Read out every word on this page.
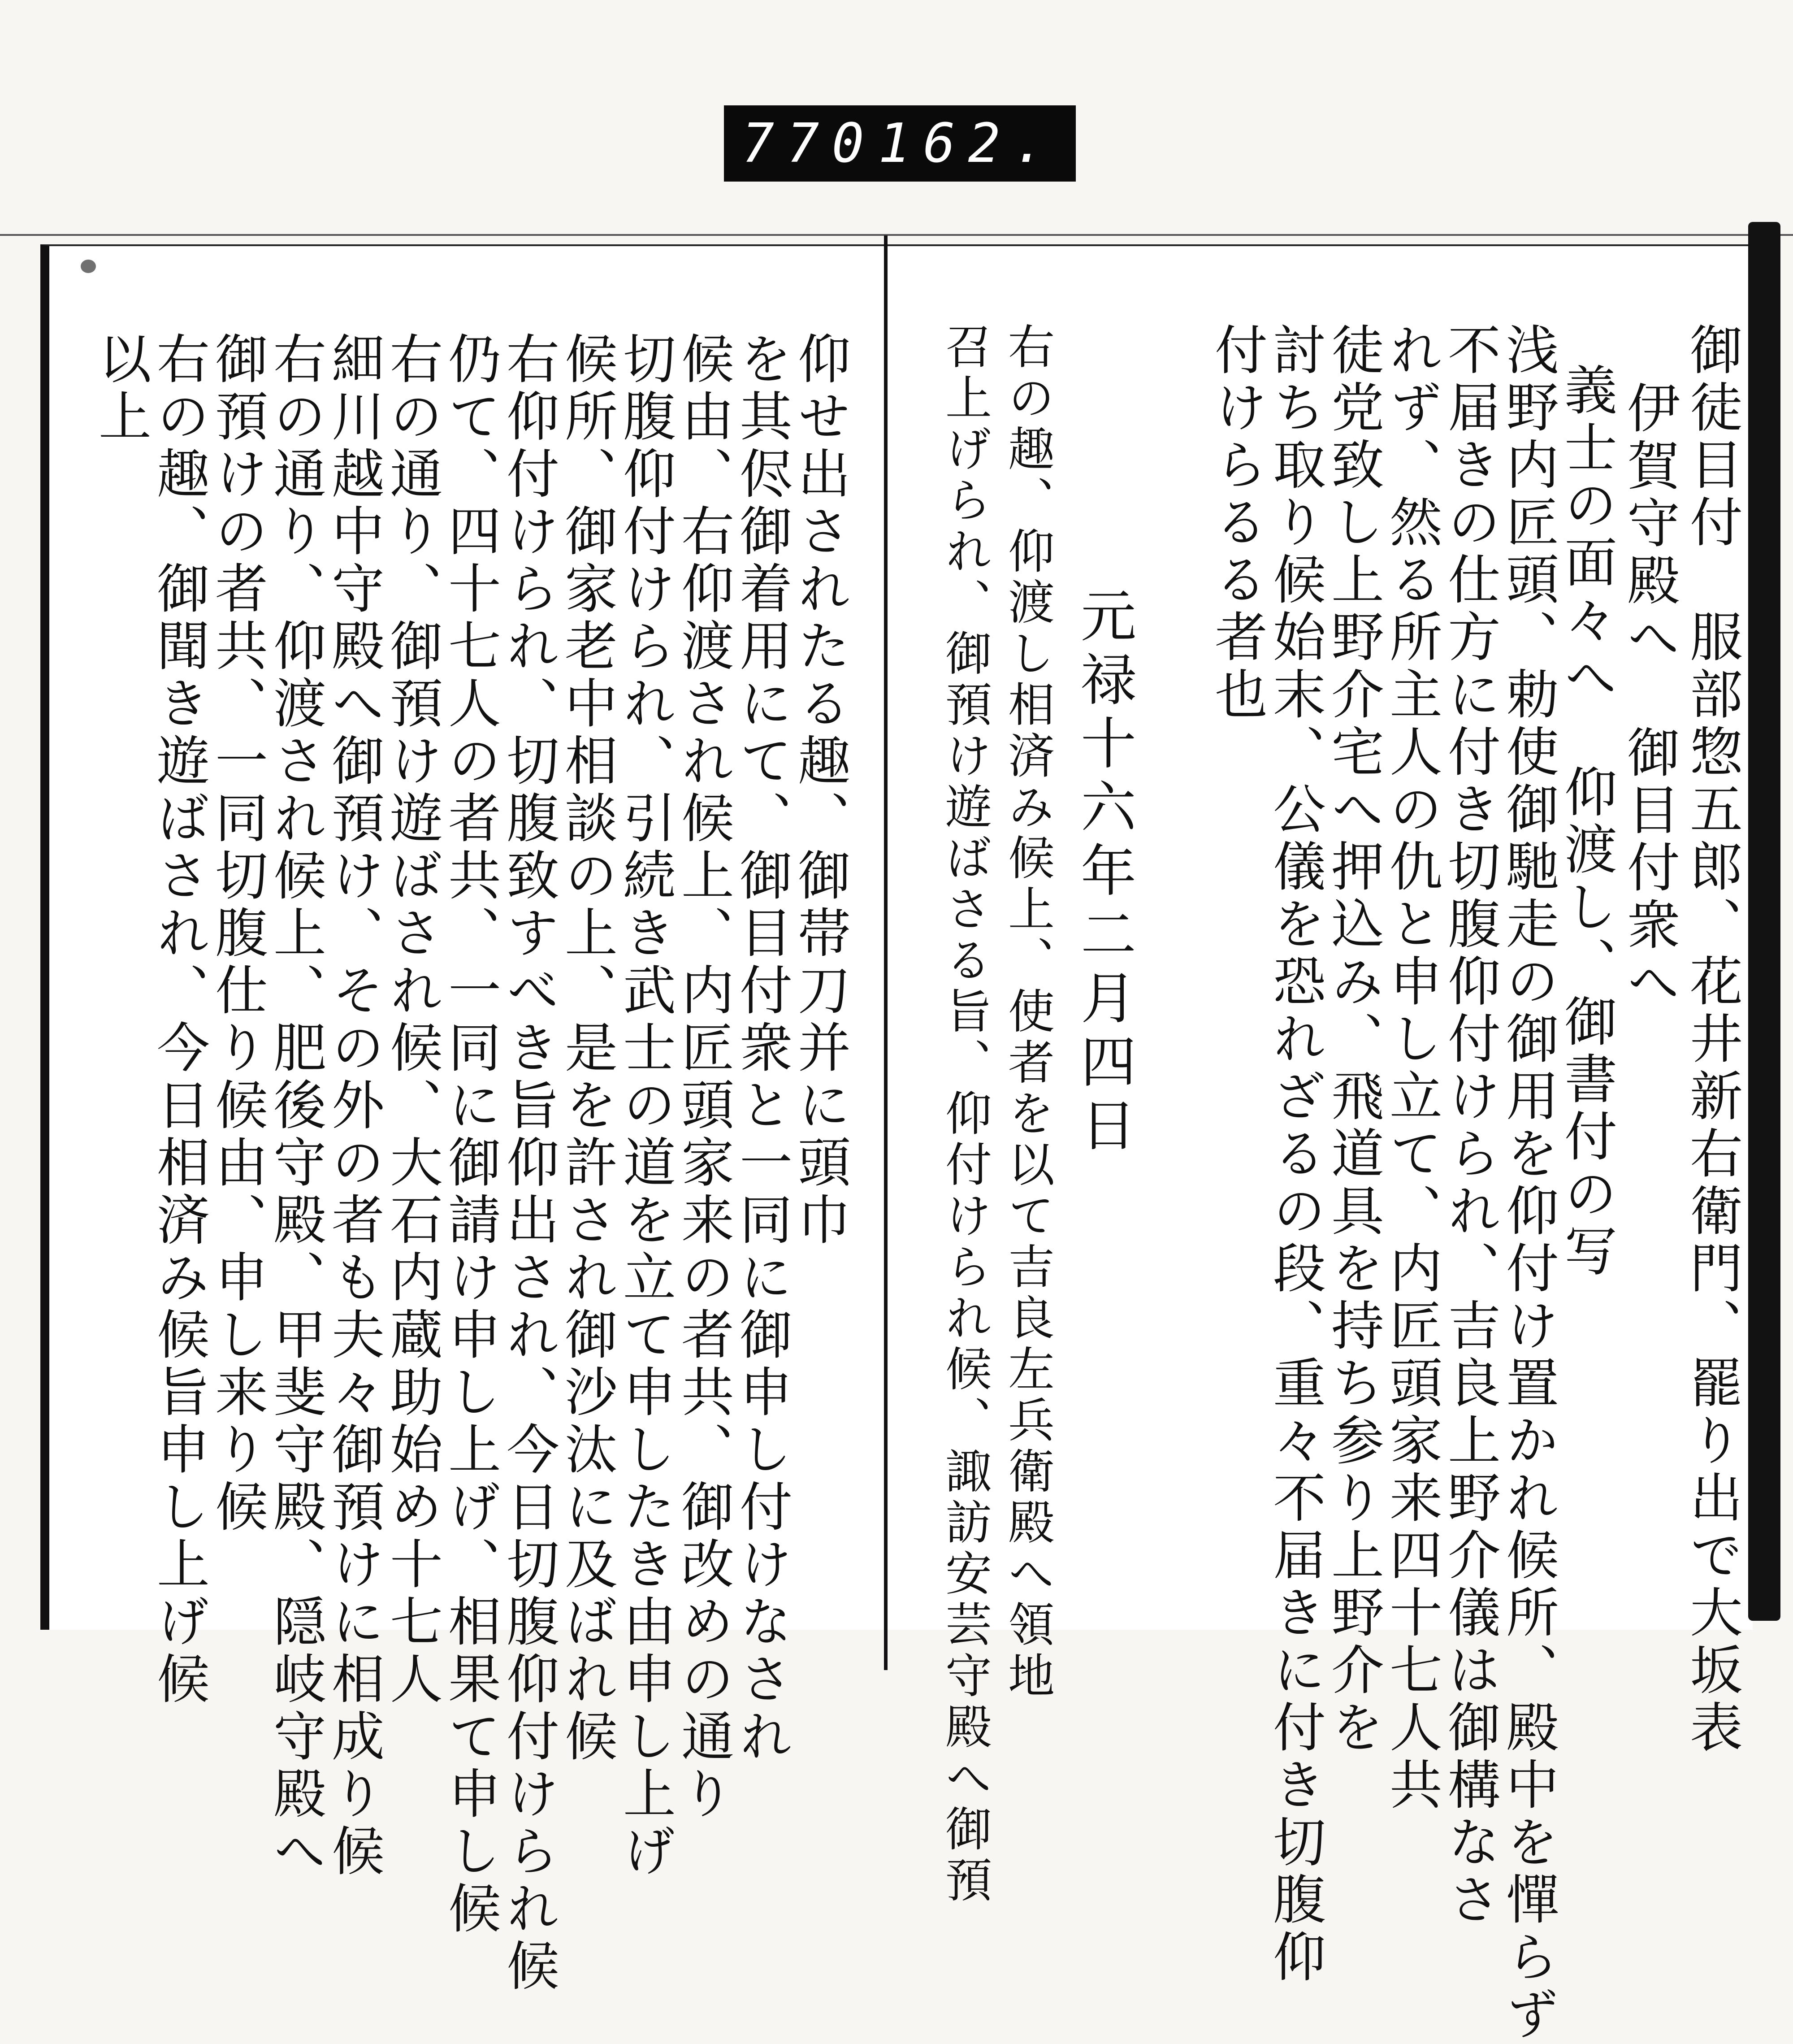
770 162.
仰せ出されたる趣、御帯刀并に頭巾
を其侭御着用にて、御目付衆と一同に御申し付けなされ
候由、右仰渡され候上、内匠頭家来の者共、御改めの通り
切腹仰付けられ、引続き武士の道を立て申したき由申し上げ
候所、御家老中相談の上、是を許され御沙汰に及ばれ候
右仰付けられ、切腹致すべき旨仰出され、今日切腹仰付けられ候
仍て、四十七人の者共、一同に御請け申し上げ、相果て申し候
右の通り、御預け遊ばされ候、大石内蔵助始め十七人
細川越中守殿へ御預け、その外の者も夫々御預けに相成り候
右の通り、仰渡され候上、肥後守殿、甲斐守殿、隠岐守殿へ
御預けの者共、一同切腹仕り候由、申し来り候
右の趣、御聞き遊ばされ、今日相済み候旨申し上げ候
以上	御徒目付　服部惣五郎、花井新右衛門、罷り出で大坂表
伊賀守殿へ　御目付衆へ
義士の面々へ　仰渡し、御書付の写
浅野内匠頭、勅使御馳走の御用を仰付け置かれ候所、殿中を憚らず
不届きの仕方に付き切腹仰付けられ、吉良上野介儀は御構なさ
れず、然る所主人の仇と申し立て、内匠頭家来四十七人共
徒党致し上野介宅へ押込み、飛道具を持ち参り上野介を
討ち取り候始末、公儀を恐れざるの段、重々不届きに付き切腹仰
付けらるる者也
元禄十六年二月四日
右の趣、仰渡し相済み候上、使者を以て吉良左兵衛殿へ領地
召上げられ、御預け遊ばさる旨、仰付けられ候、諏訪安芸守殿へ御預
